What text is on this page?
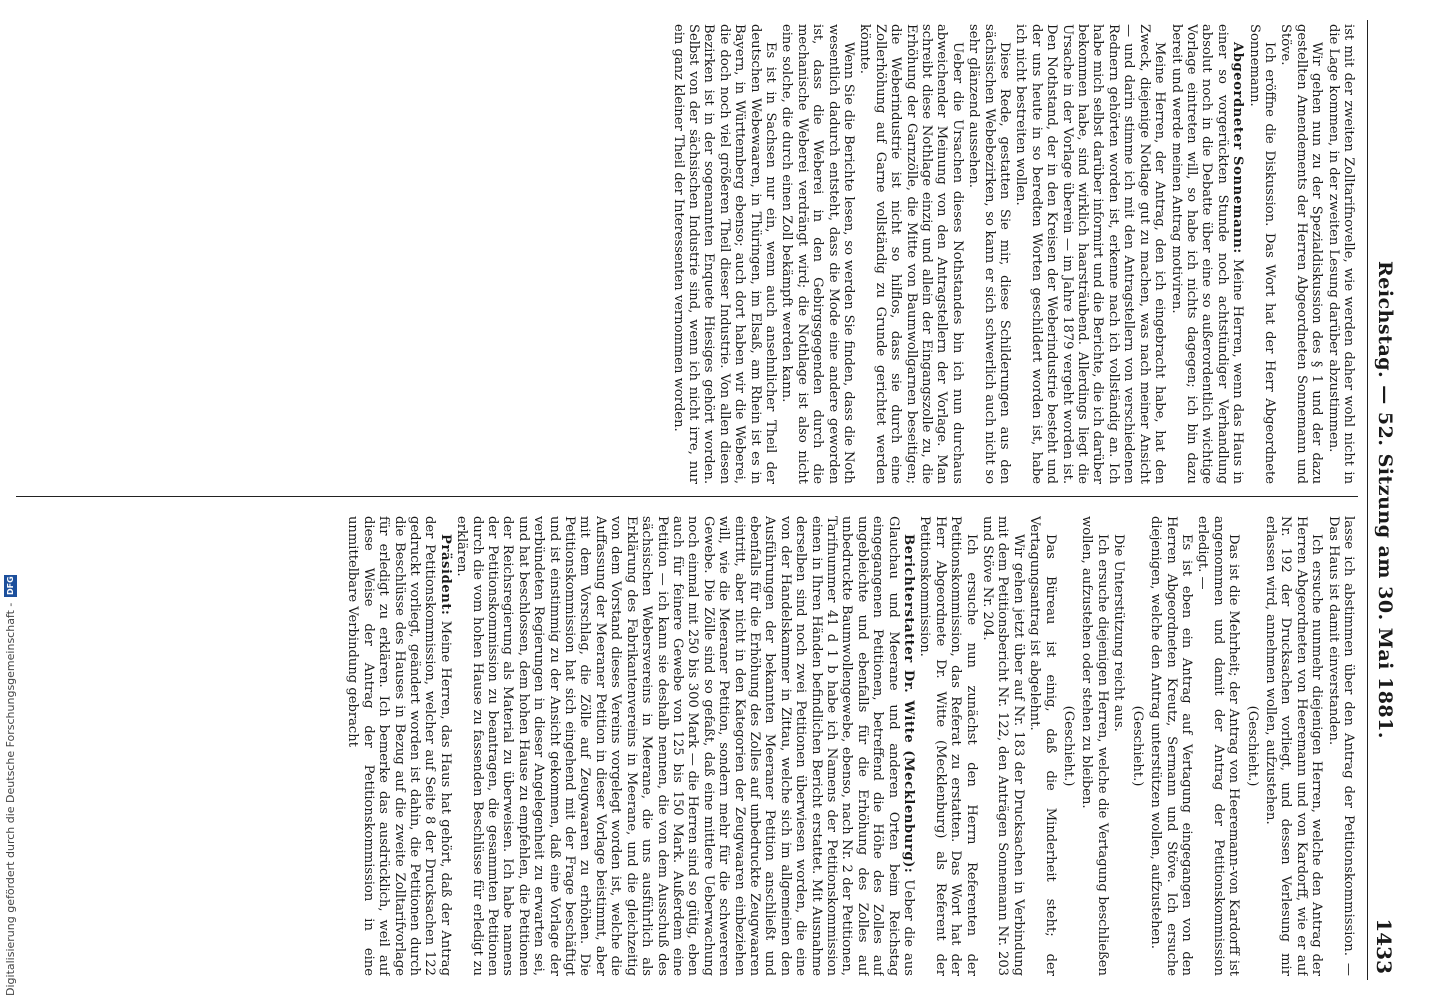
Reichstag. — 52. Sitzung am 30. Mai 1881.
1433

ist mit der zweiten Zolltarifnovelle, wie werden daher wohl nicht in die Lage kommen, in der zweiten Lesung darüber abzustimmen.

Wir gehen nun zu der Spezialdiskussion des § 1 und der dazu gestellten Amendements der Herren Abgeordneten Sonnemann und Stöve.

Ich eröffne die Diskussion. Das Wort hat der Herr Abgeordnete Sonnemann.

Abgeordneter Sonnemann: Meine Herren, wenn das Haus in einer so vorgerückten Stunde noch achtstündiger Verhandlung absolut noch in die Debatte über eine so außerordentlich wichtige Vorlage eintreten will, so habe ich nichts dagegen; ich bin dazu bereit und werde meinen Antrag motiviren.

Meine Herren, der Antrag, den ich eingebracht habe, hat den Zweck, diejenige Notlage gut zu machen, was nach meiner Ansicht — und darin stimme ich mit den Antragstellern von verschiedenen Rednern gehörten worden ist, erkenne nach ich vollständig an. Ich habe mich selbst darüber informirt und die Berichte, die ich darüber bekommen habe, sind wirklich haarsträubend. Allerdings liegt die Ursache in der Vorlage überein — im Jahre 1879 vergeht worden ist. Den Nothstand, der in den Kreisen der Weberindustrie besteht und der uns heute in so beredten Worten geschildert worden ist, habe ich nicht bestreiten wollen.

Diese Rede, gestatten Sie mir, diese Schilderungen aus den sächsischen Webebezirken, so kann er sich schwerlich auch nicht so sehr glänzend aussehen.

Ueber die Ursachen dieses Nothstandes bin ich nun durchaus abweichender Meinung von den Antragstellern der Vorlage. Man schreibt diese Nothlage einzig und allein der Eingangszolle zu, die Erhöhung der Garnzölle, die Mitte von Baumwollgarnen beseitigen; die Weberindustrie ist nicht so hilflos, dass sie durch eine Zollerhöhung auf Garne vollständig zu Grunde gerichtet werden könnte.

Wenn Sie die Berichte lesen, so werden Sie finden, dass die Noth wesentlich dadurch entsteht, dass die Mode eine andere geworden ist, dass die Weberei in den Gebirgsgegenden durch die mechanische Weberei verdrängt wird; die Nothlage ist also nicht eine solche, die durch einen Zoll bekämpft werden kann.

Es ist in Sachsen nur ein, wenn auch ansehnlicher Theil der deutschen Webewaaren, in Thüringen, im Elsaß, am Rhein ist es in Bayern, in Württemberg ebenso; auch dort haben wir die Weberei, die doch noch viel größeren Theil dieser Industrie. Von allen diesen Bezirken ist in der sogenannten Enquete Hiesiges gehört worden. Selbst von der sächsischen Industrie sind, wenn ich nicht irre, nur ein ganz kleiner Theil der Interessenten vernommen worden.

lasse ich abstimmen über den Antrag der Petitionskommission. — Das Haus ist damit einverstanden.

Ich ersuche nunmehr diejenigen Herren, welche den Antrag der Herren Abgeordneten von Heeremann und von Kardorff, wie er auf Nr. 192 der Drucksachen vorliegt, und dessen Verlesung mir erlassen wird, annehmen wollen, aufzustehen.

(Geschieht.)

Das ist die Mehrheit; der Antrag von Heeremann-von Kardorff ist angenommen und damit der Antrag der Petitionskommission erledigt. —

Es ist eben ein Antrag auf Vertagung eingegangen von den Herren Abgeordneten Kreutz, Sermann und Stöve. Ich ersuche diejenigen, welche den Antrag unterstützen wollen, aufzustehen.

(Geschieht.)

Die Unterstützung reicht aus.

Ich ersuche diejenigen Herren, welche die Vertagung beschließen wollen, aufzustehen oder stehen zu bleiben.

(Geschieht.)

Das Büreau ist einig, daß die Minderheit steht; der Vertagungsantrag ist abgelehnt.

Wir gehen jetzt über auf Nr. 183 der Drucksachen in Verbindung mit dem Petitionsbericht Nr. 122, den Anträgen Sonnemann Nr. 203 und Stöve Nr. 204.

Ich ersuche nun zunächst den Herrn Referenten der Petitionskommission, das Referat zu erstatten. Das Wort hat der Herr Abgeordnete Dr. Witte (Mecklenburg) als Referent der Petitionskommission.

Berichterstatter Dr. Witte (Mecklenburg): Ueber die aus Glauchau und Meerane und anderen Orten beim Reichstag eingegangenen Petitionen, betreffend die Höhe des Zolles auf ungebleichte und ebenfalls für die Erhöhung des Zolles auf unbedruckte Baumwollengewebe, ebenso, nach Nr. 2 der Petitionen, Tarifnummer 41 d 1 b habe ich Namens der Petitionskommission einen in Ihren Händen befindlichen Bericht erstattet. Mit Ausnahme derselben sind noch zwei Petitionen überwiesen worden, die eine von der Handelskammer in Zittau, welche sich im allgemeinen den Ausführungen der bekannten Meeraner Petition anschließt und ebenfalls für die Erhöhung des Zolles auf unbedruckte Zeugwaaren eintritt, aber nicht in den Kategorien der Zeugwaaren einbeziehen will, wie die Meeraner Petition, sondern mehr für die schwereren Gewebe. Die Zölle sind so gefaßt, daß eine mittlere Ueberwachung noch einmal mit 250 bis 300 Mark — die Herren sind so gütig, eben auch für feinere Gewebe von 125 bis 150 Mark. Außerdem eine Petition — ich kann sie deshalb nennen, die von dem Ausschuß des sächsischen Webersvereins in Meerane, die uns ausführlich als Erklärung des Fabrikantenvereins in Meerane, und die gleichzeitig von dem Vorstand dieses Vereins vorgelegt worden ist, welche die Auffassung der Meeraner Petition in dieser Vorlage beistimmt, aber mit dem Vorschlag, die Zölle auf Zeugwaaren zu erhöhen. Die Petitionskommission hat sich eingehend mit der Frage beschäftigt und ist einstimmig zu der Ansicht gekommen, daß eine Vorlage der verbündeten Regierungen in dieser Angelegenheit zu erwarten sei, und hat beschlossen, dem hohen Hause zu empfehlen, die Petitionen der Reichsregierung als Material zu überweisen. Ich habe namens der Petitionskommission zu beantragen, die gesammten Petitionen durch die vom hohen Hause zu fassenden Beschlüsse für erledigt zu erklären.

Präsident: Meine Herren, das Haus hat gehört, daß der Antrag der Petitionskommission, welcher auf Seite 8 der Drucksachen 122 gedruckt vorliegt, geändert worden ist dahin, die Petitionen durch die Beschlüsse des Hauses in Bezug auf die zweite Zolltarifvorlage für erledigt zu erklären. Ich bemerke das ausdrücklich, weil auf diese Weise der Antrag der Petitionskommission in eine unmittelbare Verbindung gebracht

Digitalisierung gefördert durch die Deutsche Forschungsgemeinschaft -
DFG
